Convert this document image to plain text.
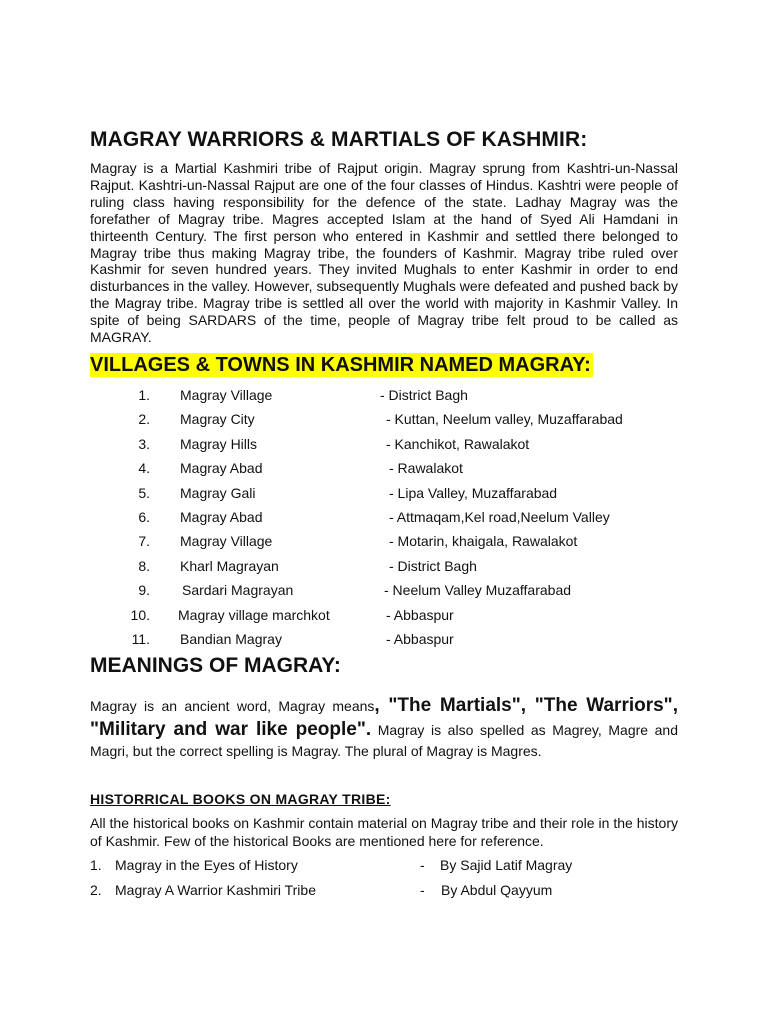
MAGRAY WARRIORS & MARTIALS OF KASHMIR:

Magray is a Martial Kashmiri tribe of Rajput origin. Magray sprung from Kashtri-un-Nassal Rajput. Kashtri-un-Nassal Rajput are one of the four classes of Hindus. Kashtri were people of ruling class having responsibility for the defence of the state. Ladhay Magray was the forefather of Magray tribe. Magres accepted Islam at the hand of Syed Ali Hamdani in thirteenth Century. The first person who entered in Kashmir and settled there belonged to Magray tribe thus making Magray tribe, the founders of Kashmir. Magray tribe ruled over Kashmir for seven hundred years. They invited Mughals to enter Kashmir in order to end disturbances in the valley. However, subsequently Mughals were defeated and pushed back by the Magray tribe. Magray tribe is settled all over the world with majority in Kashmir Valley. In spite of being SARDARS of the time, people of Magray tribe felt proud to be called as MAGRAY.

VILLAGES & TOWNS IN KASHMIR NAMED MAGRAY:
1. Magray Village	- District Bagh
2. Magray City	- Kuttan, Neelum valley, Muzaffarabad
3. Magray Hills	- Kanchikot, Rawalakot
4. Magray Abad	- Rawalakot
5. Magray Gali	- Lipa Valley, Muzaffarabad
6. Magray Abad	- Attmaqam,Kel road,Neelum Valley
7. Magray Village	- Motarin, khaigala, Rawalakot
8. Kharl Magrayan	- District Bagh
9. Sardari Magrayan	- Neelum Valley Muzaffarabad
10. Magray village marchkot	- Abbaspur
11. Bandian Magray	- Abbaspur
MEANINGS OF MAGRAY:

Magray is an ancient word, Magray means, "The Martials", "The Warriors", "Military and war like people". Magray is also spelled as Magrey, Magre and Magri, but the correct spelling is Magray. The plural of Magray is Magres.

HISTORRICAL BOOKS ON MAGRAY TRIBE:

All the historical books on Kashmir contain material on Magray tribe and their role in the history of Kashmir. Few of the historical Books are mentioned here for reference.

1. Magray in the Eyes of History	- By Sajid Latif Magray
2. Magray A Warrior Kashmiri Tribe	- By Abdul Qayyum
